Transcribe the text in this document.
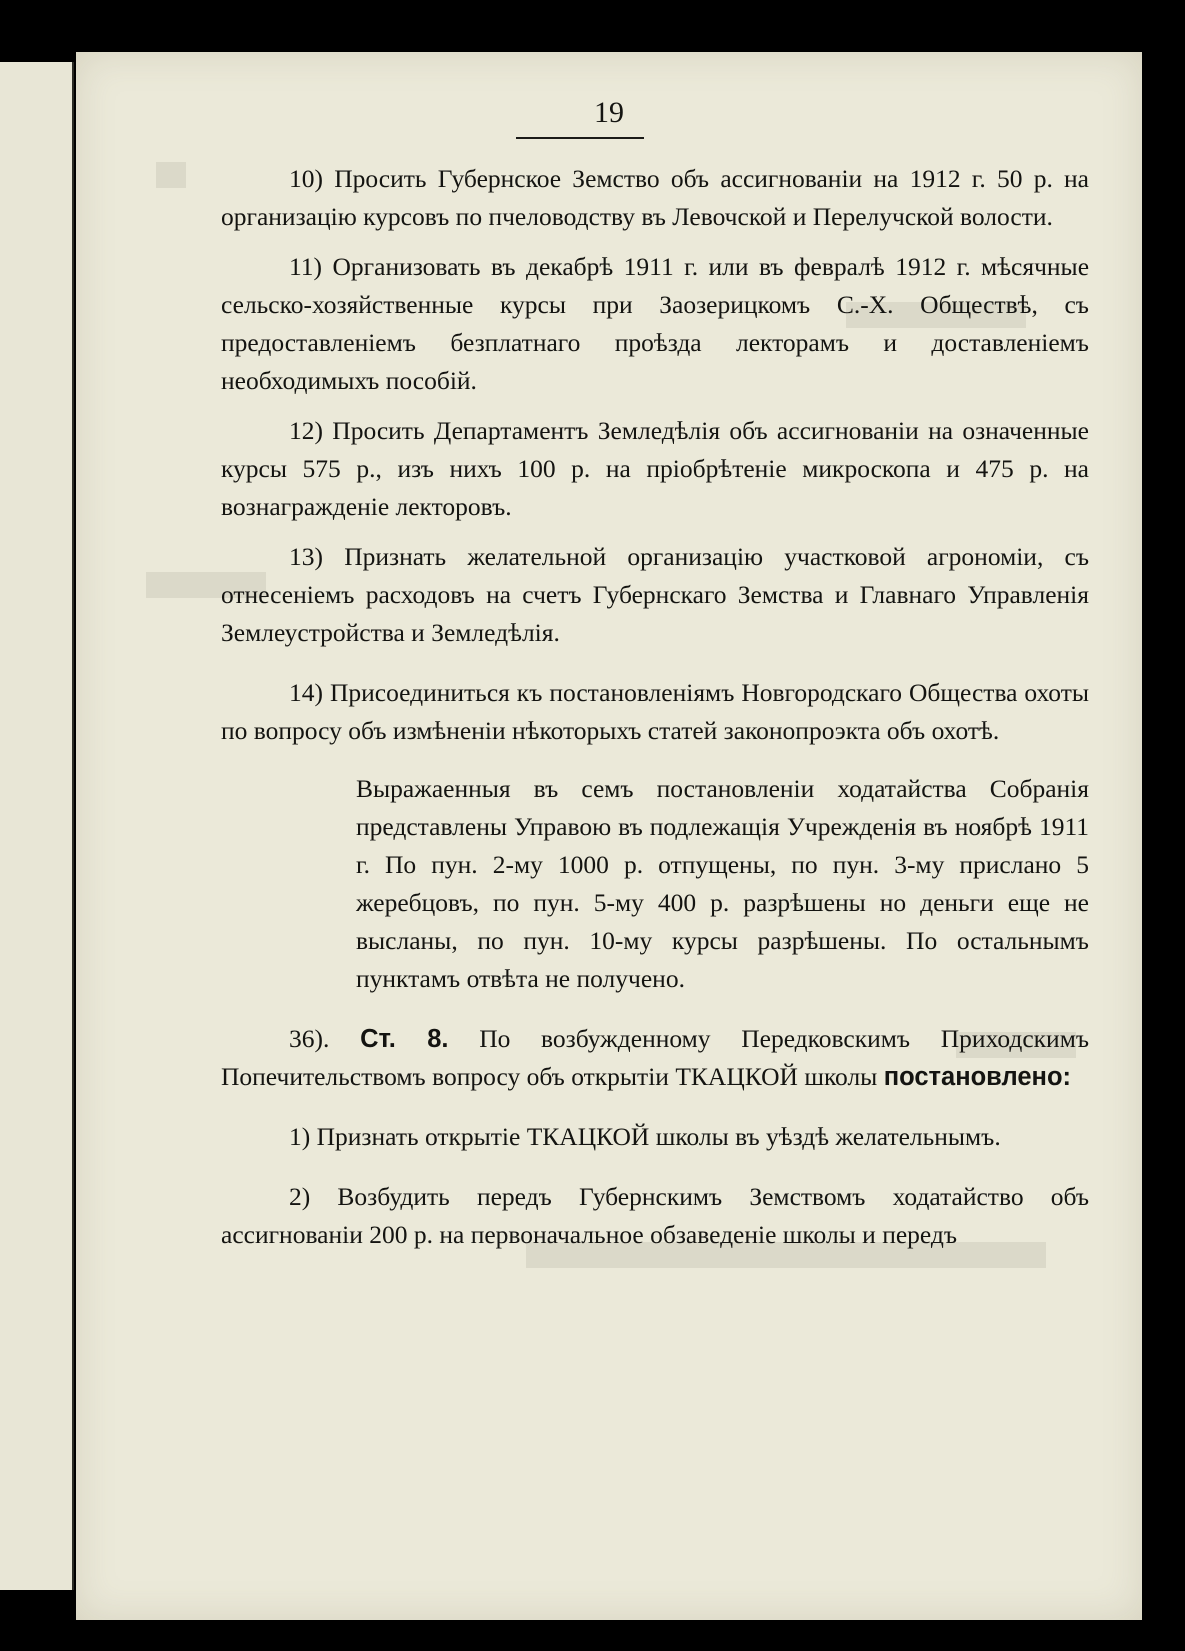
19

10) Просить Губернское Земство объ ассигнованіи на 1912 г. 50 р. на организацію курсовъ по пчеловодству въ Левочской и Перелучской волости.

11) Организовать въ декабрѣ 1911 г. или въ февралѣ 1912 г. мѣсячные сельско-хозяйственные курсы при Заозерицкомъ С.-Х. Обществѣ, съ предоставленіемъ безплатнаго проѣзда лекторамъ и доставленіемъ необходимыхъ пособій.

12) Просить Департаментъ Земледѣлія объ ассигнованіи на означенные курсы 575 р., изъ нихъ 100 р. на пріобрѣтеніе микроскопа и 475 р. на вознагражденіе лекторовъ.

13) Признать желательной организацію участковой агрономіи, съ отнесеніемъ расходовъ на счетъ Губернскаго Земства и Главнаго Управленія Землеустройства и Земледѣлія.

14) Присоединиться къ постановленіямъ Новгородскаго Общества охоты по вопросу объ измѣненіи нѣкоторыхъ статей законопроэкта объ охотѣ.

Выражаенныя въ семъ постановленіи ходатайства Собранія представлены Управою въ подлежащія Учрежденія въ ноябрѣ 1911 г. По пун. 2-му 1000 р. отпущены, по пун. 3-му прислано 5 жеребцовъ, по пун. 5-му 400 р. разрѣшены но деньги еще не высланы, по пун. 10-му курсы разрѣшены. По остальнымъ пунктамъ отвѣта не получено.

36). Ст. 8. По возбужденному Передковскимъ Приходскимъ Попечительствомъ вопросу объ открытіи ТКАЦКОЙ школы постановлено:

1) Признать открытіе ТКАЦКОЙ школы въ уѣздѣ желательнымъ.

2) Возбудить передъ Губернскимъ Земствомъ ходатайство объ ассигнованіи 200 р. на первоначальное обзаведеніе школы и передъ
